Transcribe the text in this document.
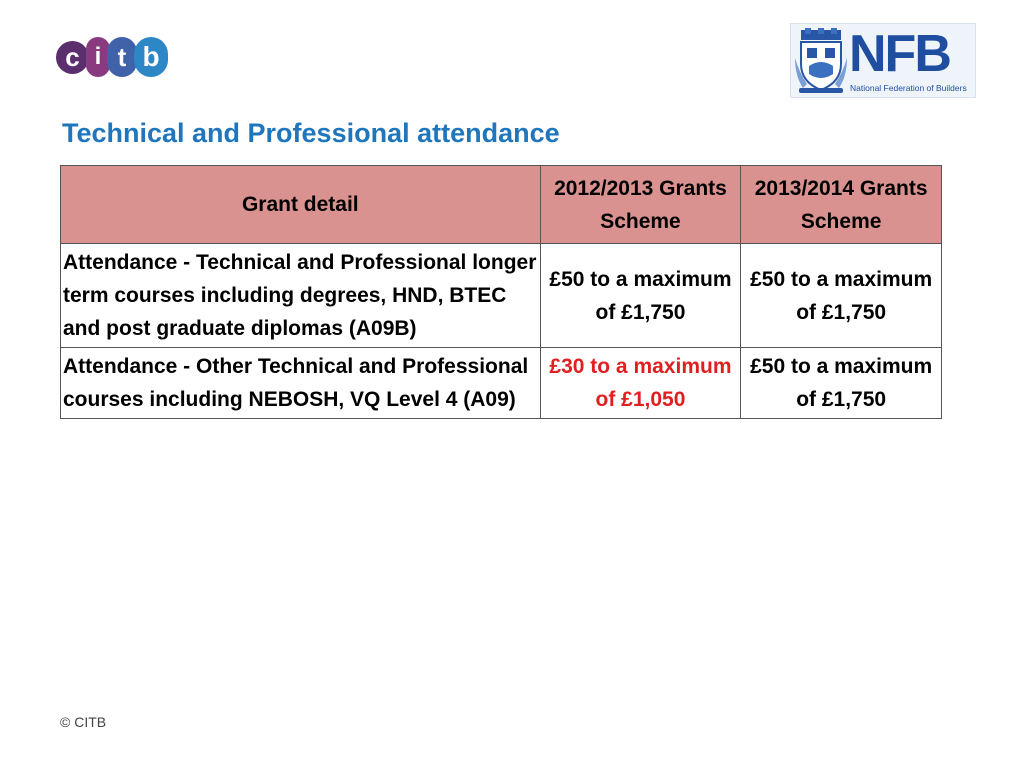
c i t b	NFB
National Federation of Builders
Technical and Professional attendance
Grant detail	2012/2013 Grants Scheme	2013/2014 Grants Scheme
Attendance - Technical and Professional longer term courses including degrees, HND, BTEC and post graduate diplomas (A09B)	£50 to a maximum of £1,750	£50 to a maximum of £1,750
Attendance - Other Technical and Professional courses including NEBOSH, VQ Level 4 (A09)	£30 to a maximum of £1,050	£50 to a maximum of £1,750
© CITB
